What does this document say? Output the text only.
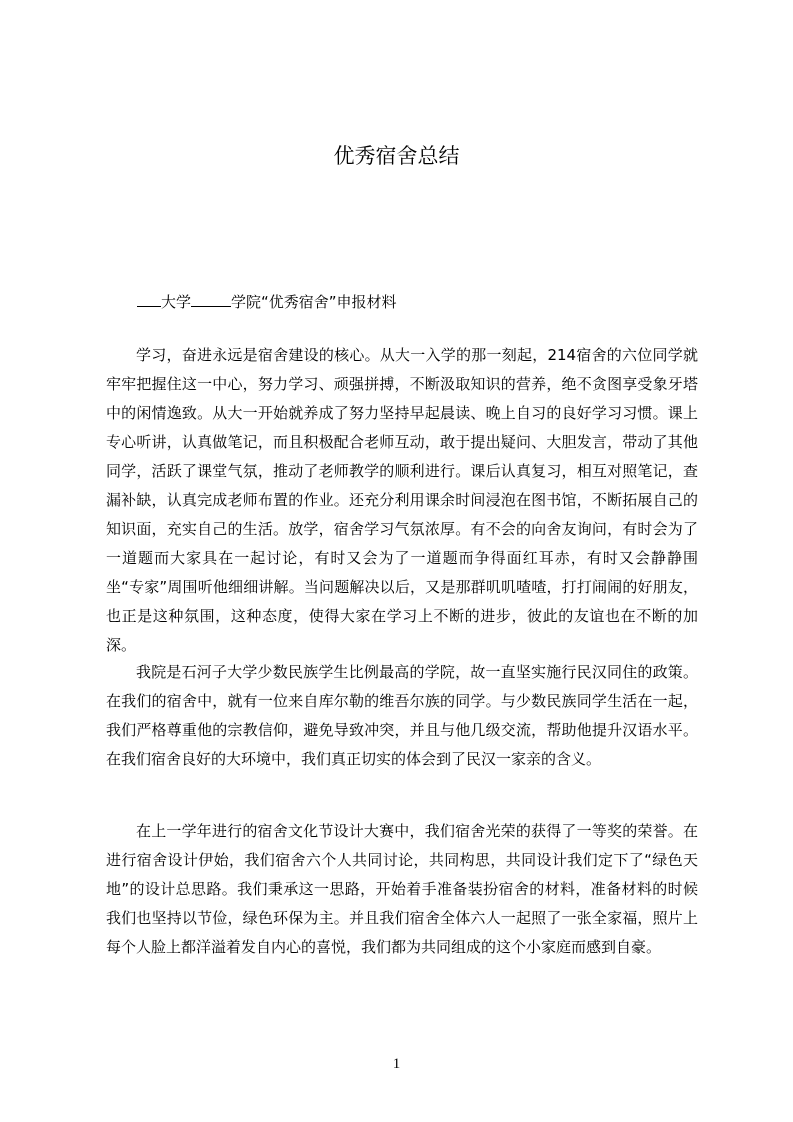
优秀宿舍总结

大学	学院“优秀宿舍”申报材料

学习，奋进永远是宿舍建设的核心。从大一入学的那一刻起，214宿舍的六位同学就牢牢把握住这一中心，努力学习、顽强拼搏，不断汲取知识的营养，绝不贪图享受象牙塔中的闲情逸致。从大一开始就养成了努力坚持早起晨读、晚上自习的良好学习习惯。课上专心听讲，认真做笔记，而且积极配合老师互动，敢于提出疑问、大胆发言，带动了其他同学，活跃了课堂气氛，推动了老师教学的顺利进行。课后认真复习，相互对照笔记，查漏补缺，认真完成老师布置的作业。还充分利用课余时间浸泡在图书馆，不断拓展自己的知识面，充实自己的生活。放学，宿舍学习气氛浓厚。有不会的向舍友询问，有时会为了一道题而大家具在一起讨论，有时又会为了一道题而争得面红耳赤，有时又会静静围坐“专家”周围听他细细讲解。当问题解决以后，又是那群叽叽喳喳，打打闹闹的好朋友，也正是这种氛围，这种态度，使得大家在学习上不断的进步，彼此的友谊也在不断的加深。

我院是石河子大学少数民族学生比例最高的学院，故一直坚实施行民汉同住的政策。在我们的宿舍中，就有一位来自库尔勒的维吾尔族的同学。与少数民族同学生活在一起，我们严格尊重他的宗教信仰，避免导致冲突，并且与他几级交流，帮助他提升汉语水平。在我们宿舍良好的大环境中，我们真正切实的体会到了民汉一家亲的含义。

在上一学年进行的宿舍文化节设计大赛中，我们宿舍光荣的获得了一等奖的荣誉。在进行宿舍设计伊始，我们宿舍六个人共同讨论，共同构思，共同设计我们定下了“绿色天地”的设计总思路。我们秉承这一思路，开始着手准备装扮宿舍的材料，准备材料的时候我们也坚持以节俭，绿色环保为主。并且我们宿舍全体六人一起照了一张全家福，照片上每个人脸上都洋溢着发自内心的喜悦，我们都为共同组成的这个小家庭而感到自豪。

1
